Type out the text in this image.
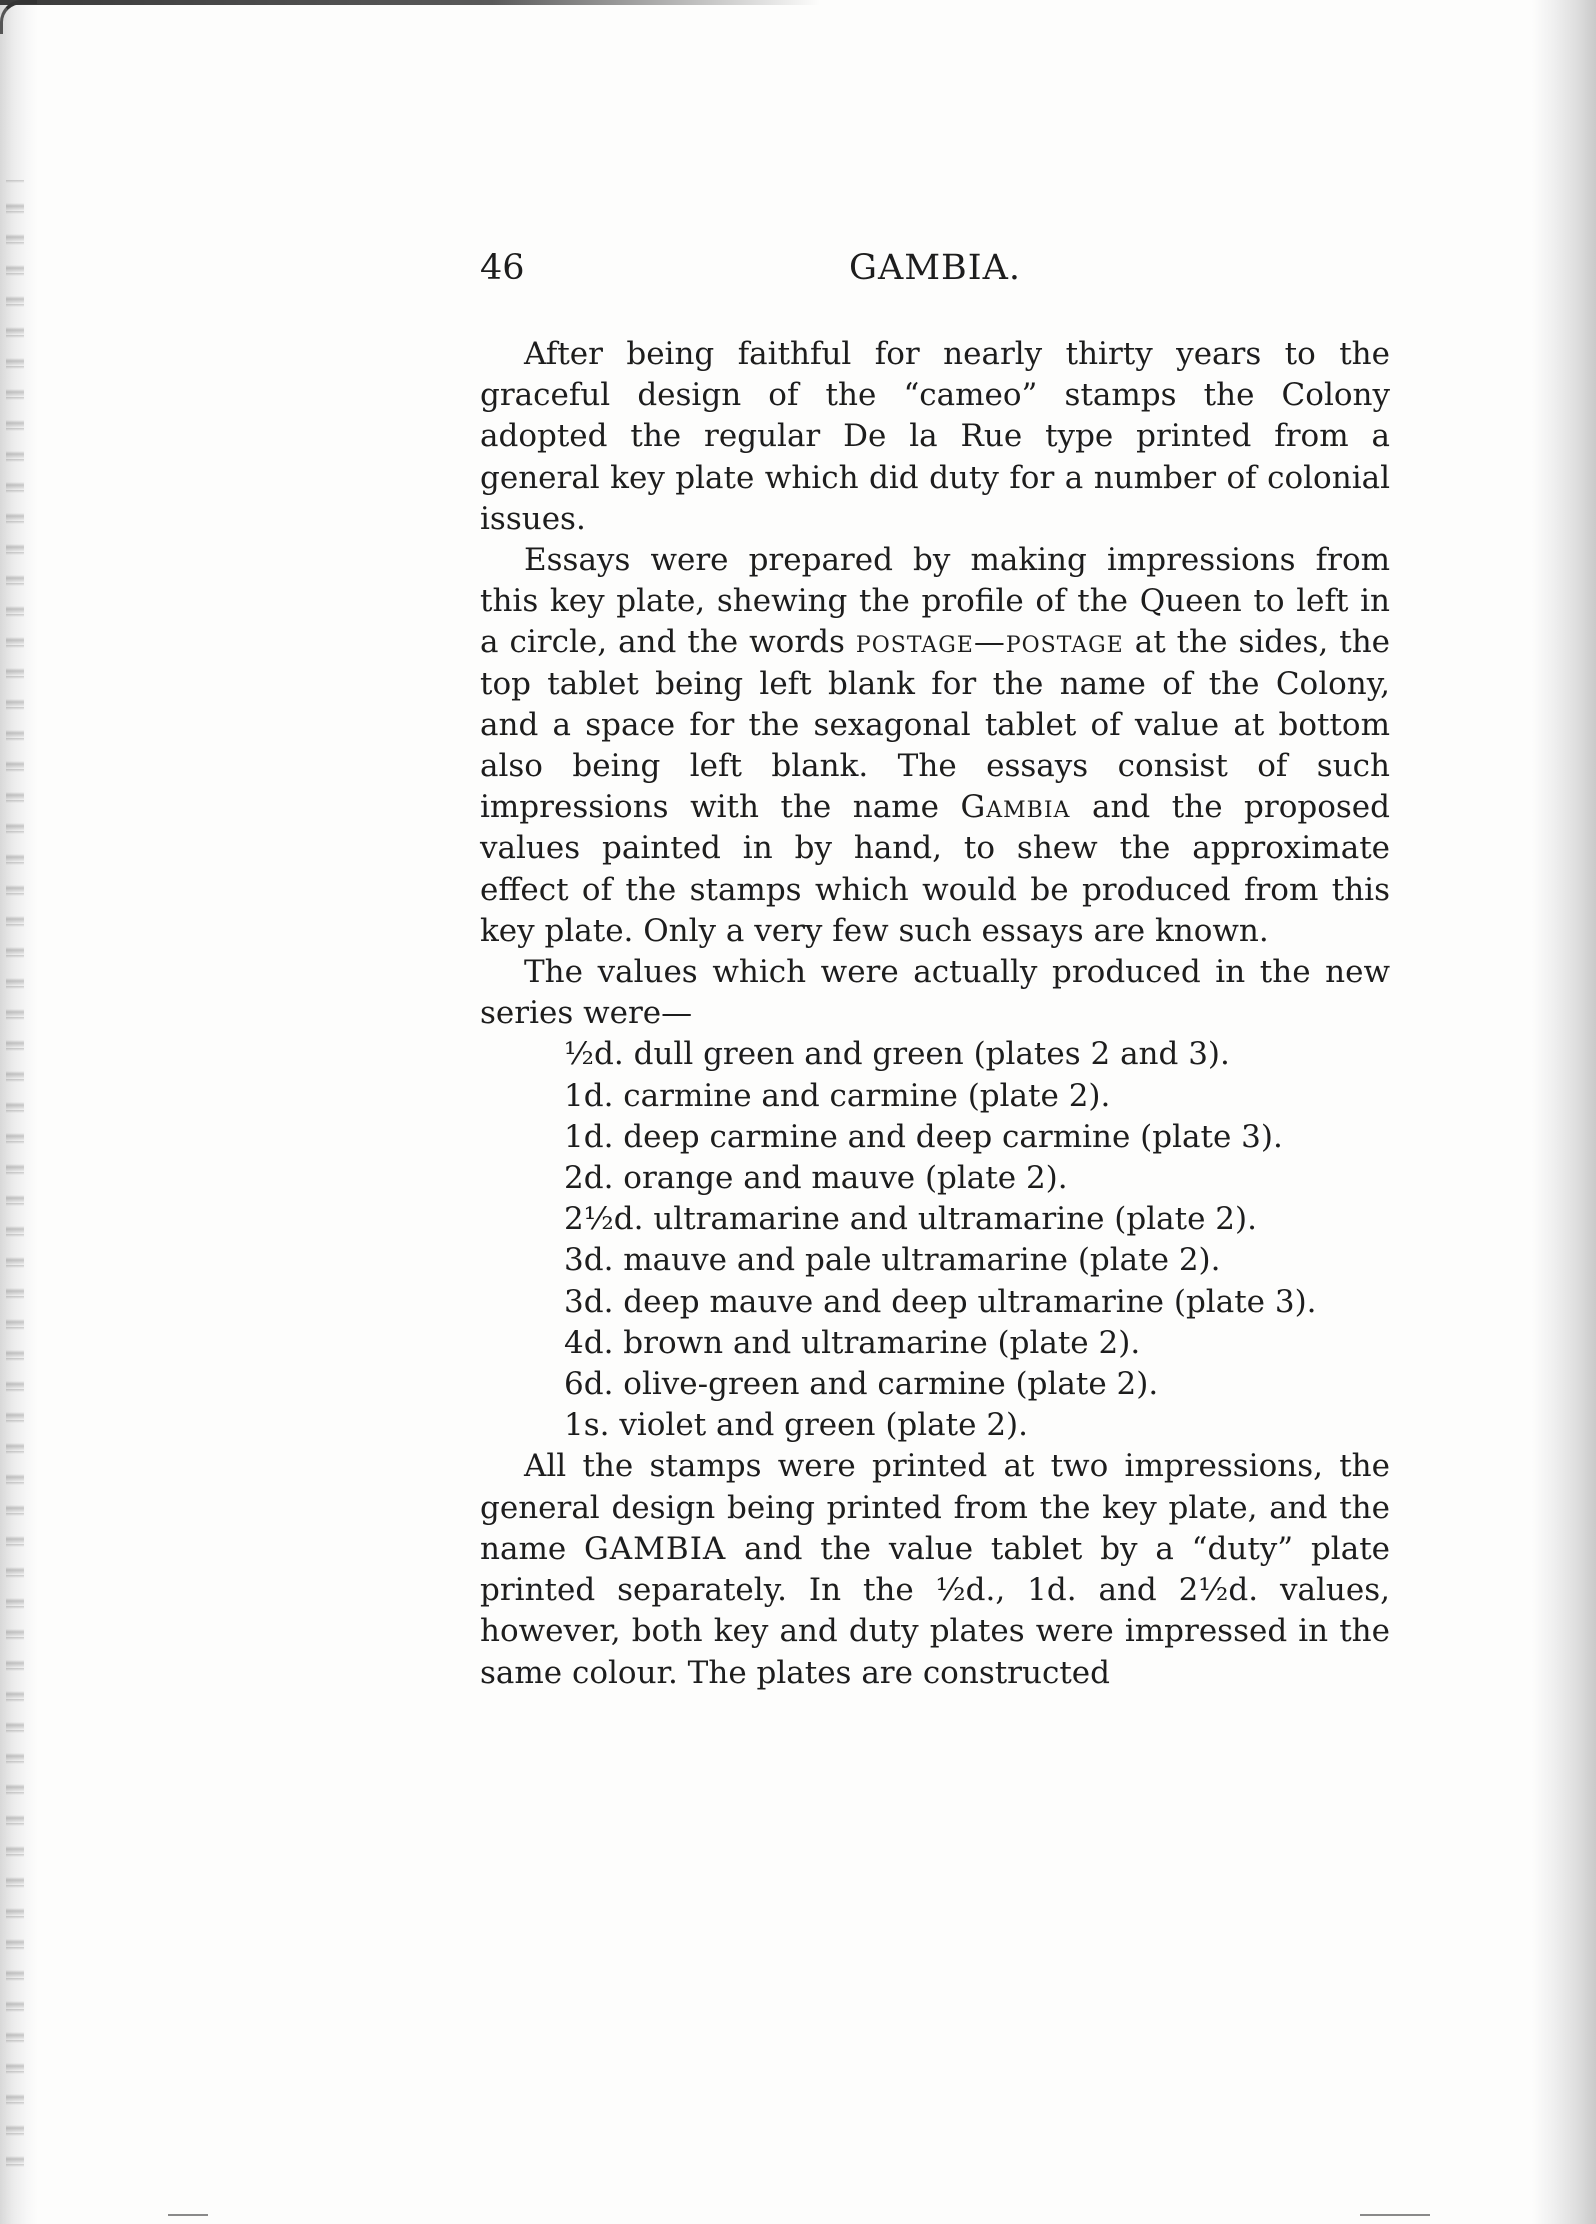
46	GAMBIA.

After being faithful for nearly thirty years to the graceful design of the “cameo” stamps the Colony adopted the regular De la Rue type printed from a general key plate which did duty for a number of colonial issues.

Essays were prepared by making impressions from this key plate, shewing the profile of the Queen to left in a circle, and the words postage—postage at the sides, the top tablet being left blank for the name of the Colony, and a space for the sexagonal tablet of value at bottom also being left blank. The essays consist of such impressions with the name Gambia and the proposed values painted in by hand, to shew the approximate effect of the stamps which would be produced from this key plate. Only a very few such essays are known.

The values which were actually produced in the new series were—

½d. dull green and green (plates 2 and 3).
1d. carmine and carmine (plate 2).
1d. deep carmine and deep carmine (plate 3).
2d. orange and mauve (plate 2).
2½d. ultramarine and ultramarine (plate 2).
3d. mauve and pale ultramarine (plate 2).
3d. deep mauve and deep ultramarine (plate 3).
4d. brown and ultramarine (plate 2).
6d. olive-green and carmine (plate 2).
1s. violet and green (plate 2).

All the stamps were printed at two impressions, the general design being printed from the key plate, and the name GAMBIA and the value tablet by a “duty” plate printed separately. In the ½d., 1d. and 2½d. values, however, both key and duty plates were impressed in the same colour. The plates are constructed
